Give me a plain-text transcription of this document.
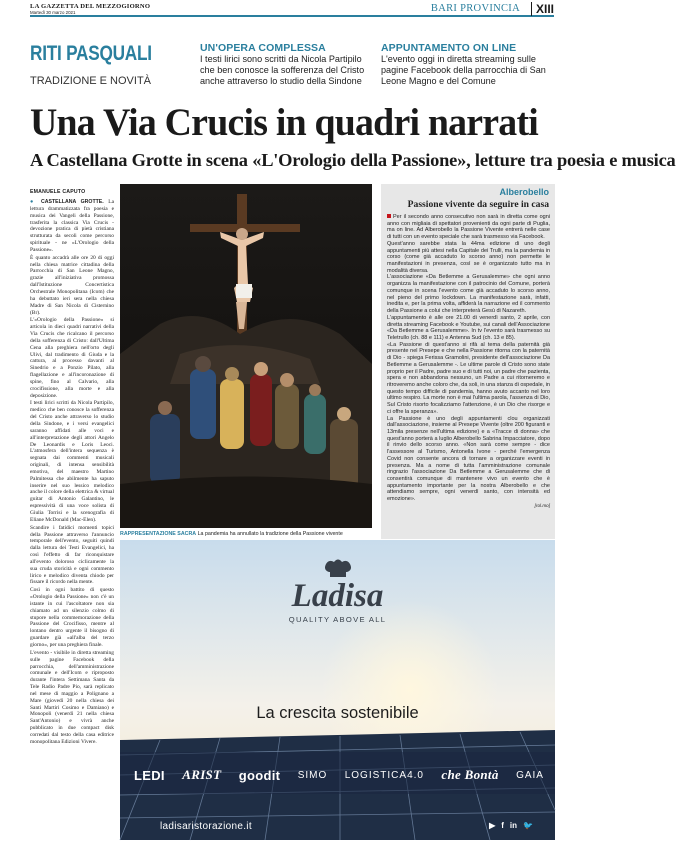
LA GAZZETTA DEL MEZZOGIORNO
Martedì 30 marzo 2021	BARI PROVINCIA	XIII
RITI PASQUALI
TRADIZIONE E NOVITÀ
UN'OPERA COMPLESSA

I testi lirici sono scritti da Nicola Partipilo che ben conosce la sofferenza del Cristo anche attraverso lo studio della Sindone

APPUNTAMENTO ON LINE

L'evento oggi in diretta streaming sulle pagine Facebook della parrocchia di San Leone Magno e del Comune

Una Via Crucis in quadri narrati
A Castellana Grotte in scena «L'Orologio della Passione», letture tra poesia e musica
EMANUELE CAPUTO

● CASTELLANA GROTTE. La lettura drammatizzata fra poesia e musica dei Vangeli della Passione, trasferita la classica Via Crucis - devozione pratica di pietà cristiana strutturata da secoli come percorso spirituale - ne «L'Orologio della Passione».

È quanto accadrà alle ore 20 di oggi nella chiesa matrice cittadina della Parrocchia di San Leone Magno, grazie all'iniziativa promossa dall'Istituzione Concertistica Orchestrale Monopolitana (Icom) che ha debuttato ieri sera nella chiesa Madre di San Nicola di Cisternino (Br).

L'«Orologio della Passione» si articola in dieci quadri narrativi della Via Crucis che ricalcano il percorso della sofferenza di Cristo: dall'Ultima Cena alla preghiera nell'orto degli Ulivi, dal tradimento di Giuda e la cattura, al processo davanti al Sinedrio e a Ponzio Pilato, alla flagellazione e all'incoronazione di spine, fino al Calvario, alla crocifissione, alla morte e alla deposizione.

I testi lirici scritti da Nicola Partipilo, medico che ben conosce la sofferenza del Cristo anche attraverso lo studio della Sindone, e i versi evangelici saranno affidati alle voci e all'interpretazione degli attori Angelo De Leonardis e Loris Leoci. L'atmosfera dell'intera sequenza è segnata dai commenti musicali originali, di intensa sensibilità emotiva, del maestro Martino Palmitessa che abilmente ha saputo inserire nel suo lessico melodico anche il colore della elettrica & virtual guitar di Antonio Galantino, le espressività di una voce solista di Giulia Torrisi e la scenografia di Eliane McDonald (Mac-Elen).

Scandire i fatidici momenti topici della Passione attraverso l'annuncio temporale dell'evento, seguiti quindi dalla lettura dei Testi Evangelici, ha così l'effetto di far riconquistare all'evento doloroso ciclicamente la sua cruda storicità e ogni commento lirico e melodico diventa chiodo per fissare il ricordo nella mente.

Così in ogni battito di questo «Orologio della Passione» non c'è un istante in cui l'ascoltatore non sia chiamato ad un silenzio colmo di stupore nella commemorazione della Passione del Crocifisso, mentre al lontano dentro urgente il bisogno di guardare già «all'alba del terzo giorno», per una preghiera finale.

L'evento - visibile in diretta streaming sulle pagine Facebook della parrocchia, dell'amministrazione comunale e dell'Icom e riproposto durante l'intera Settimana Santa da Tele Radio Padre Pio, sarà replicato nel mese di maggio a Polignano a Mare (giovedì 20 nella chiesa dei Santi Martiri Cosimo e Damiano) e Monopoli (venerdì 21 nella chiesa Sant'Antonio) e vivrà anche pubblicato in due compact disk corredati dal testo della casa editrice monopolitana Edizioni Vivere.

RAPPRESENTAZIONE SACRA La pandemia ha annullato la tradizione della Passione vivente
Alberobello
Passione vivente da seguire in casa
Per il secondo anno consecutivo non sarà in diretta come ogni anno con migliaia di spettatori provenienti da ogni parte di Puglia, ma on line. Ad Alberobello la Passione Vivente entrerà nelle case di tutti con un evento speciale che sarà trasmesso via Facebook.
Quest'anno sarebbe stata la 44ma edizione di uno degli appuntamenti più attesi nella Capitale dei Trulli, ma la pandemia in corso (come già accaduto lo scorso anno) non permette le manifestazioni in presenza, così se è organizzato tutto ma in modalità diversa.
L'associazione «Da Betlemme a Gerusalemme» che ogni anno organizza la manifestazione con il patrocinio del Comune, porterà comunque in scena l'evento come già accaduto lo scorso anno, nel pieno del primo lockdown. La manifestazione sarà, infatti, inedita e, per la prima volta, affiderà la narrazione ed il commento della Passione a colui che interpreterà Gesù di Nazareth.
L'appuntamento è alle ore 21.00 di venerdì santo, 2 aprile, con diretta streaming Facebook e Youtube, sui canali dell'Associazione «Da Betlemme a Gerusalemme». In tv l'evento sarà trasmesso su Teletrullo (ch. 88 e 111) e Antenna Sud (ch. 13 e 85).
«La Passione di quest'anno si rifà al tema della paternità già presente nel Presepe e che nella Passione ritorna con la paternità di Dio - spiega Ferissa Gramolini, presidente dell'associazione Da Betlemme a Gerusalemme -. Le ultime parole di Cristo sono state proprio per il Padre, padre suo e di tutti noi, un padre che pazienta, spera e non abbandona nessuno, un Padre a cui ritorneremo e ritroveremo anche coloro che, da soli, in una stanza di ospedale, in questo tempo difficile di pandemia, hanno avuto accanto nel loro ultimo respiro. La morte non è mai l'ultima parola, l'assenza di Dio, Sul Cristo risorto focalizziamo l'attenzione, è un Dio che risorge e ci offre la speranza».
La Passione è uno degli appuntamenti clou organizzati dall'associazione, insieme al Presepe Vivente (oltre 200 figuranti e 13mila presenze nell'ultima edizione) e a «Tracce di donna» che quest'anno porterà a luglio Alberobello Sabrina Impacciatore, dopo il rinvio dello scorso anno. «Non sarà come sempre - dice l'assessore al Turismo, Antonella Ivone - perché l'emergenza Covid non consente ancora di tornare a organizzare eventi in presenza. Ma a nome di tutta l'amministrazione comunale ringrazio l'associazione Da Betlemme a Gerusalemme che di consentirà comunque di mantenere vivo un evento che è appuntamento importante per la nostra Alberobello e che attendiamo sempre, ogni venerdì santo, con intensità ed emozione».
[rol.mo]
Ladisa
QUALITY ABOVE ALL
La crescita sostenibile
LEDI ARIST goodit SIMO LOGISTICA4.0 che Bontà GAIA
ladisaristorazione.it	▶ f in 🐦
